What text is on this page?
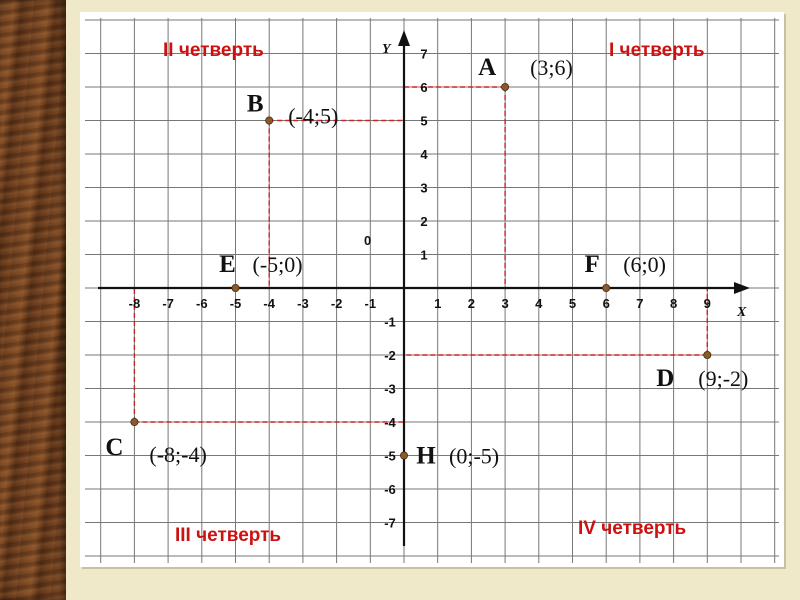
-8 -7 -6 -5 -4 -3 -2 -1	1 2 3 4 5 6 7 8 9
7
6
5
4
3
2
1
-1
-2
-3
-4
-5
-6
-7
X
Y
0
II четверть	I четверть
III четверть	IV четверть
A (3;6)
B (-4;5)
C (-8;-4)
D (9;-2)
E (-5;0)	F (6;0)
H (0;-5)
